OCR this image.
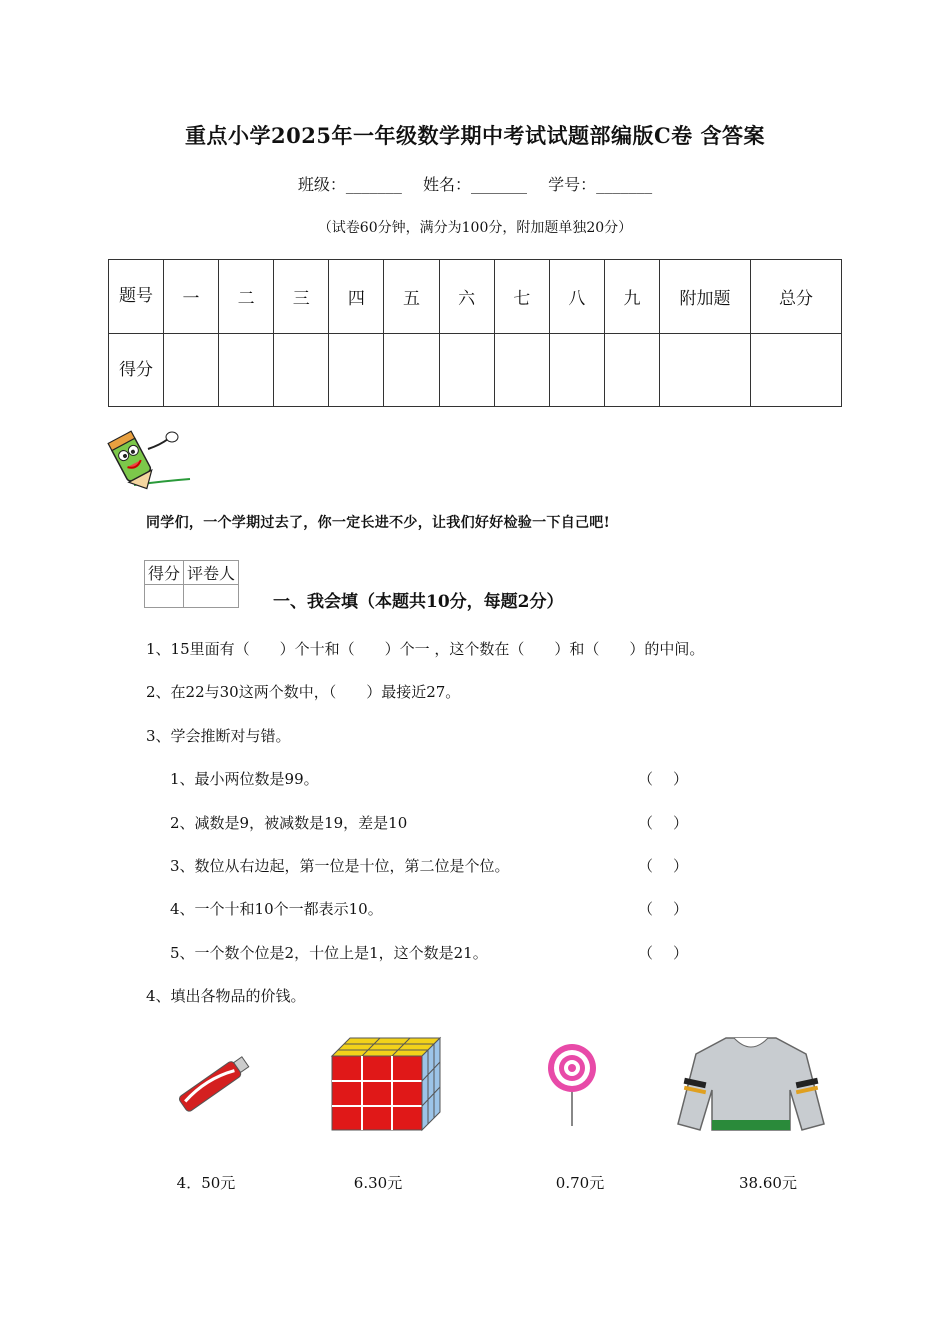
重点小学2025年一年级数学期中考试试题部编版C卷 含答案
班级：_______ 姓名：_______ 学号：_______
（试卷60分钟，满分为100分，附加题单独20分）
题号	一	二	三	四	五	六	七	八	九	附加题	总分
得分											
同学们，一个学期过去了，你一定长进不少，让我们好好检验一下自己吧!
得分	评卷人

一、我会填（本题共10分，每题2分）
1、15里面有（　　）个十和（　　）个一 ，这个数在（　　）和（　　）的中间。
2、在22与30这两个数中，（　　）最接近27。
3、学会推断对与错。
1、最小两位数是99。	（）
2、减数是9，被减数是19，差是10	（）
3、数位从右边起，第一位是十位，第二位是个位。	（）
4、一个十和10个一都表示10。	（）
5、一个数个位是2，十位上是1，这个数是21。	（）
4、填出各物品的价钱。
4．50元	6.30元	0.70元	38.60元
